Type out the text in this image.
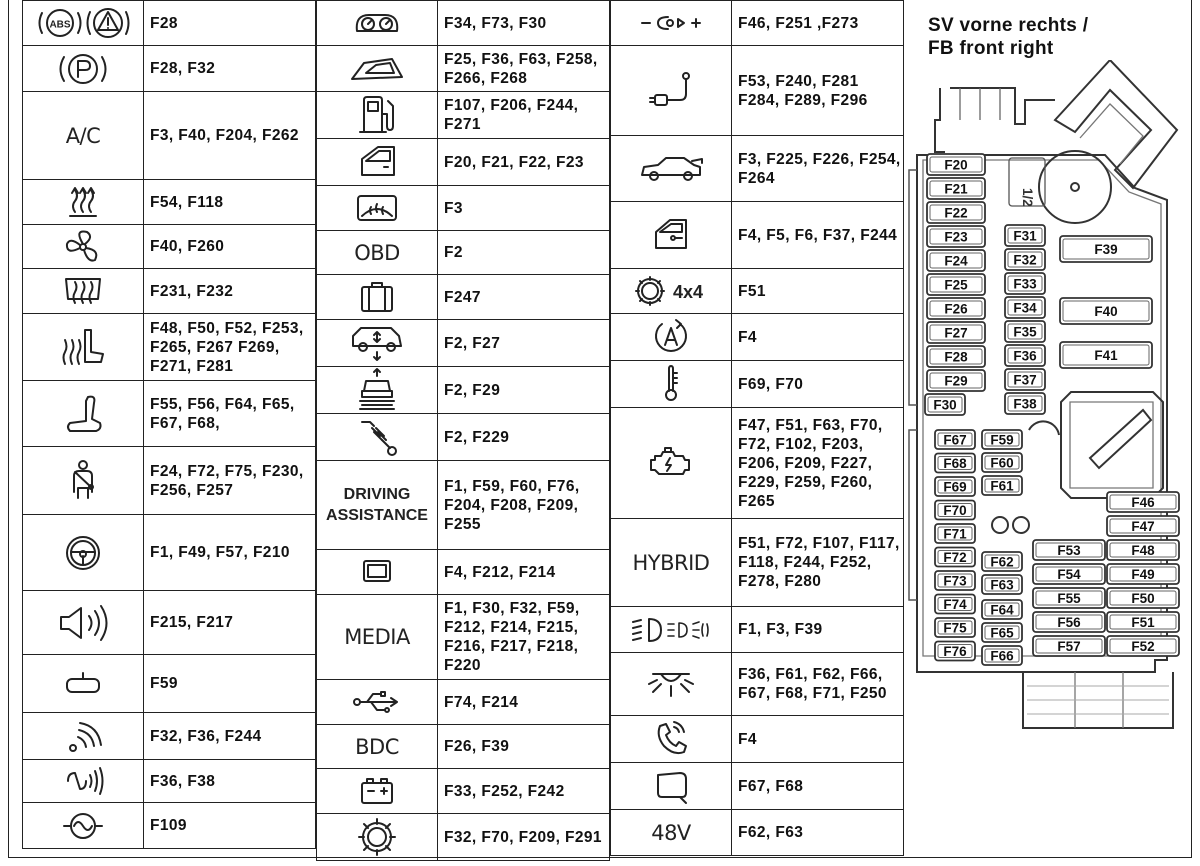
ABS	F28

	F28, F32
A/C	F3, F40, F204, F262

	F54, F118

	F40, F260

	F231, F232

	F48, F50, F52, F253, F265, F267 F269, F271, F281

	F55, F56, F64, F65, F67, F68,

	F24, F72, F75, F230, F256, F257

	F1, F49, F57, F210

	F215, F217

	F59

	F32, F36, F244

	F36, F38

	F109
	F34, F73, F30

	F25, F36, F63, F258, F266, F268

	F107, F206, F244, F271

	F20, F21, F22, F23

	F3
OBD	F2

	F247

	F2, F27

	F2, F29

	F2, F229

DRIVING
ASSISTANCE	F1, F59, F60, F76, F204, F208, F209, F255

	F4, F212, F214
MEDIA	F1, F30, F32, F59, F212, F214, F215, F216, F217, F218, F220

	F74, F214
BDC	F26, F39

	F33, F252, F242

	F32, F70, F209, F291
	F46, F251 ,F273

	F53, F240, F281 F284, F289, F296

	F3, F225, F226, F254, F264

	F4, F5, F6, F37, F244

4x4	F51

	F4

	F69, F70

	F47, F51, F63, F70, F72, F102, F203, F206, F209, F227, F229, F259, F260, F265
HYBRID	F51, F72, F107, F117, F118, F244, F252, F278, F280

	F1, F3, F39

	F36, F61, F62, F66, F67, F68, F71, F250

	F4

	F67, F68
48V	F62, F63
SV vorne rechts /
FB front right
1/2
F20
F21
F22
F23
F24
F25
F26
F27
F28
F29
F30
F31
F32
F33
F34
F35
F36
F37
F38
F39
F40
F41
F67
F68
F69
F70
F71
F72
F73
F74
F75
F76
F59
F60
F61
F62
F63
F64
F65
F66
F53
F54
F55
F56
F57
F46
F47
F48
F49
F50
F51
F52
